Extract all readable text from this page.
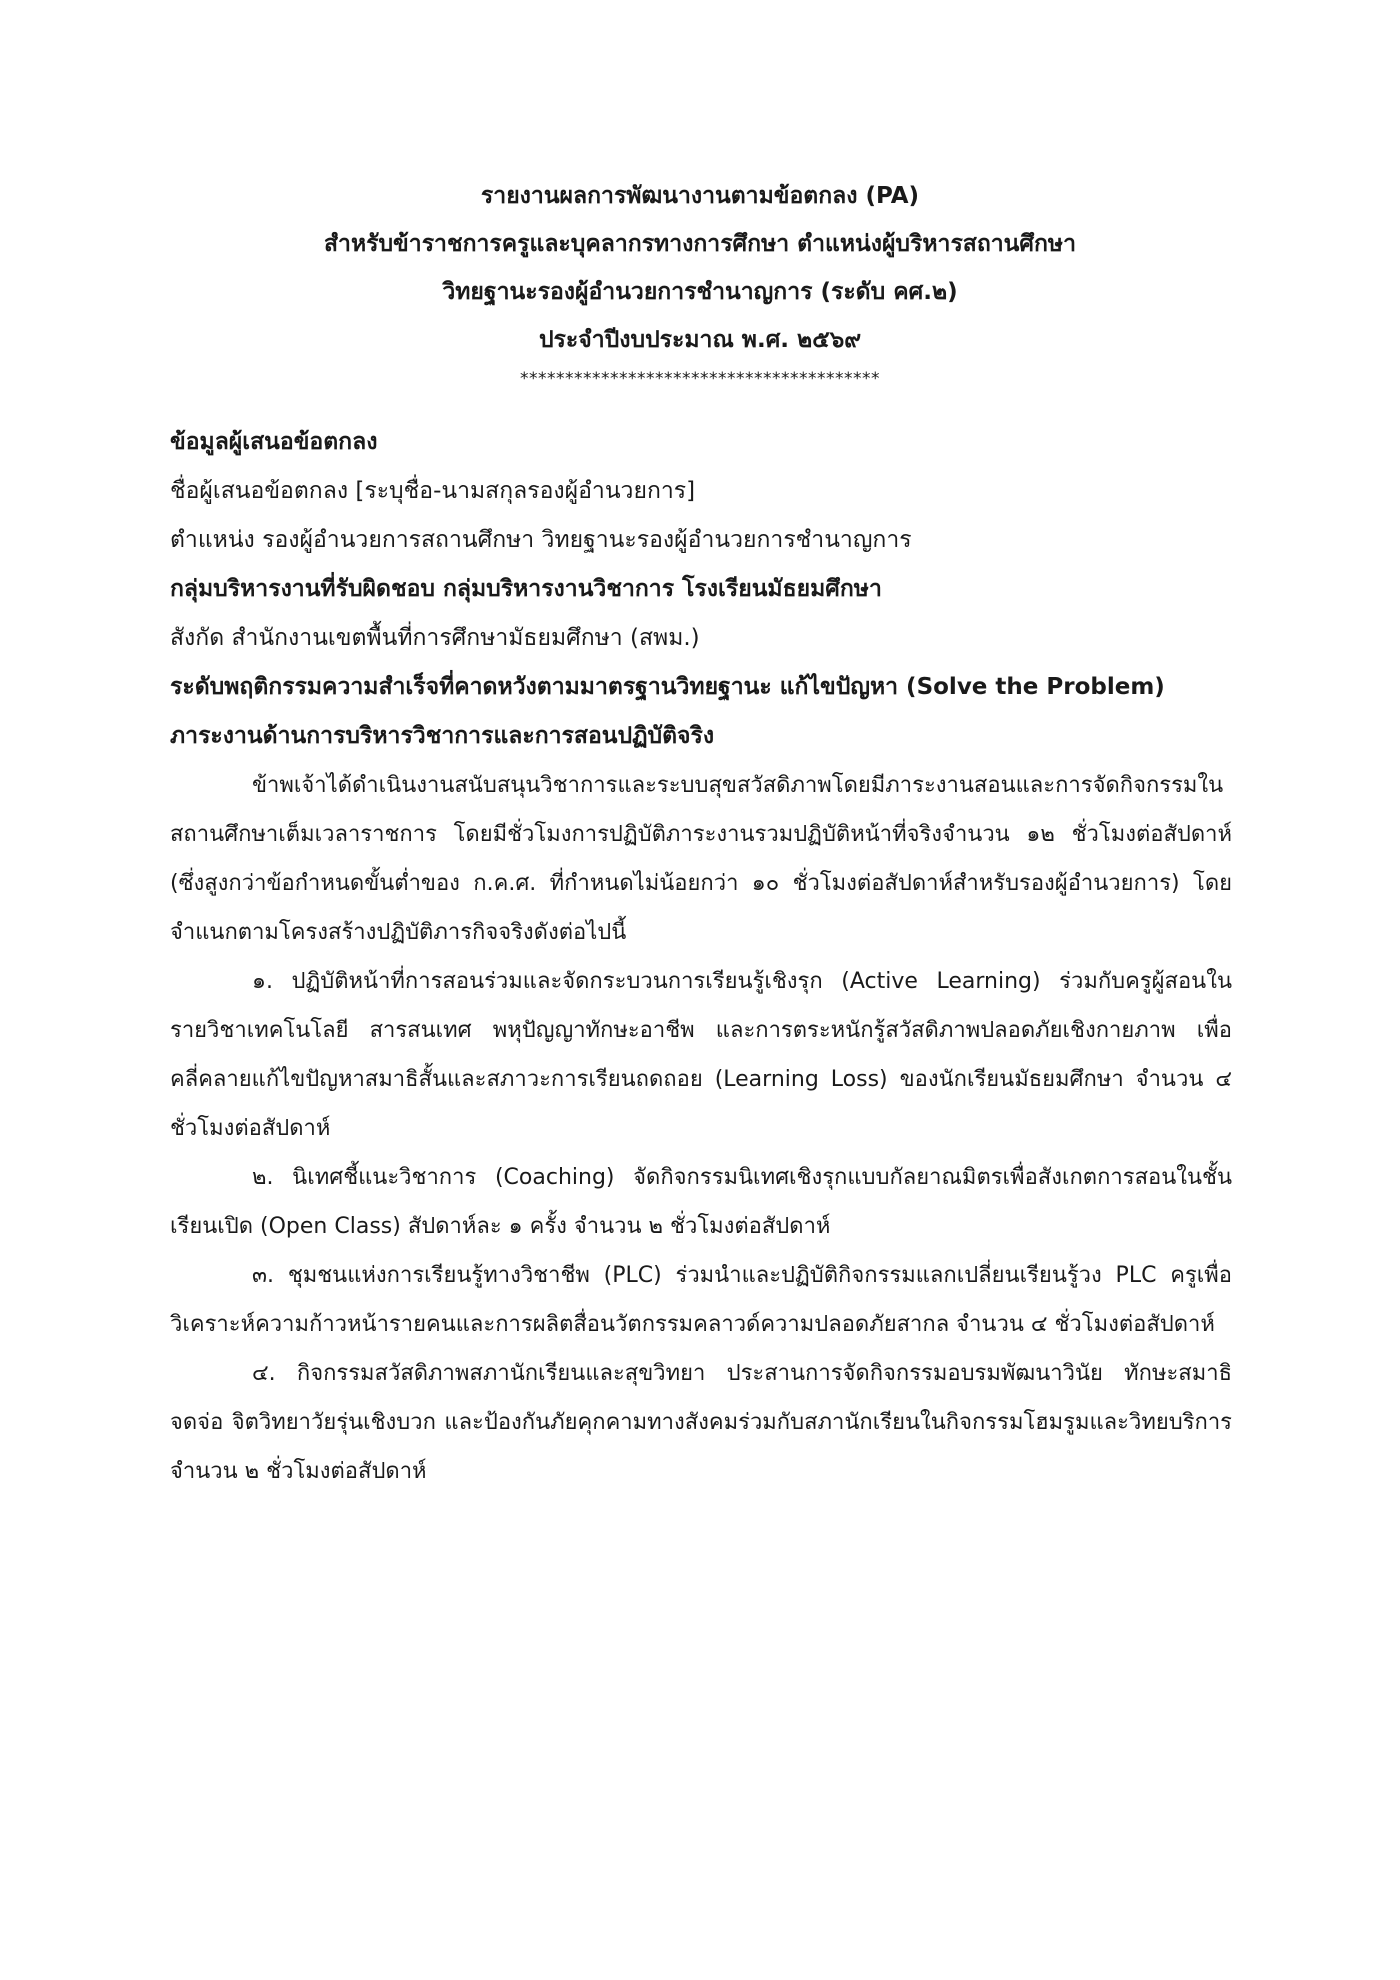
รายงานผลการพัฒนางานตามข้อตกลง (PA)
สำหรับข้าราชการครูและบุคลากรทางการศึกษา ตำแหน่งผู้บริหารสถานศึกษา
วิทยฐานะรองผู้อำนวยการชำนาญการ (ระดับ คศ.๒)
ประจำปีงบประมาณ พ.ศ. ๒๕๖๙
****************************************
ข้อมูลผู้เสนอข้อตกลง
ชื่อผู้เสนอข้อตกลง [ระบุชื่อ-นามสกุลรองผู้อำนวยการ]
ตำแหน่ง รองผู้อำนวยการสถานศึกษา วิทยฐานะรองผู้อำนวยการชำนาญการ
กลุ่มบริหารงานที่รับผิดชอบ กลุ่มบริหารงานวิชาการ โรงเรียนมัธยมศึกษา
สังกัด สำนักงานเขตพื้นที่การศึกษามัธยมศึกษา (สพม.)
ระดับพฤติกรรมความสำเร็จที่คาดหวังตามมาตรฐานวิทยฐานะ แก้ไขปัญหา (Solve the Problem)
ภาระงานด้านการบริหารวิชาการและการสอนปฏิบัติจริง

ข้าพเจ้าได้ดำเนินงานสนับสนุนวิชาการและระบบสุขสวัสดิภาพโดยมีภาระงานสอนและการจัดกิจกรรมในสถานศึกษาเต็มเวลาราชการ โดยมีชั่วโมงการปฏิบัติภาระงานรวมปฏิบัติหน้าที่จริงจำนวน ๑๒ ชั่วโมงต่อสัปดาห์ (ซึ่งสูงกว่าข้อกำหนดขั้นต่ำของ ก.ค.ศ. ที่กำหนดไม่น้อยกว่า ๑๐ ชั่วโมงต่อสัปดาห์สำหรับรองผู้อำนวยการ) โดยจำแนกตามโครงสร้างปฏิบัติภารกิจจริงดังต่อไปนี้

๑. ปฏิบัติหน้าที่การสอนร่วมและจัดกระบวนการเรียนรู้เชิงรุก (Active Learning) ร่วมกับครูผู้สอนในรายวิชาเทคโนโลยี สารสนเทศ พหุปัญญาทักษะอาชีพ และการตระหนักรู้สวัสดิภาพปลอดภัยเชิงกายภาพ เพื่อคลี่คลายแก้ไขปัญหาสมาธิสั้นและสภาวะการเรียนถดถอย (Learning Loss) ของนักเรียนมัธยมศึกษา จำนวน ๔ ชั่วโมงต่อสัปดาห์

๒. นิเทศชี้แนะวิชาการ (Coaching) จัดกิจกรรมนิเทศเชิงรุกแบบกัลยาณมิตรเพื่อสังเกตการสอนในชั้นเรียนเปิด (Open Class) สัปดาห์ละ ๑ ครั้ง จำนวน ๒ ชั่วโมงต่อสัปดาห์

๓. ชุมชนแห่งการเรียนรู้ทางวิชาชีพ (PLC) ร่วมนำและปฏิบัติกิจกรรมแลกเปลี่ยนเรียนรู้วง PLC ครูเพื่อวิเคราะห์ความก้าวหน้ารายคนและการผลิตสื่อนวัตกรรมคลาวด์ความปลอดภัยสากล จำนวน ๔ ชั่วโมงต่อสัปดาห์

๔. กิจกรรมสวัสดิภาพสภานักเรียนและสุขวิทยา ประสานการจัดกิจกรรมอบรมพัฒนาวินัย ทักษะสมาธิจดจ่อ จิตวิทยาวัยรุ่นเชิงบวก และป้องกันภัยคุกคามทางสังคมร่วมกับสภานักเรียนในกิจกรรมโฮมรูมและวิทยบริการ จำนวน ๒ ชั่วโมงต่อสัปดาห์
